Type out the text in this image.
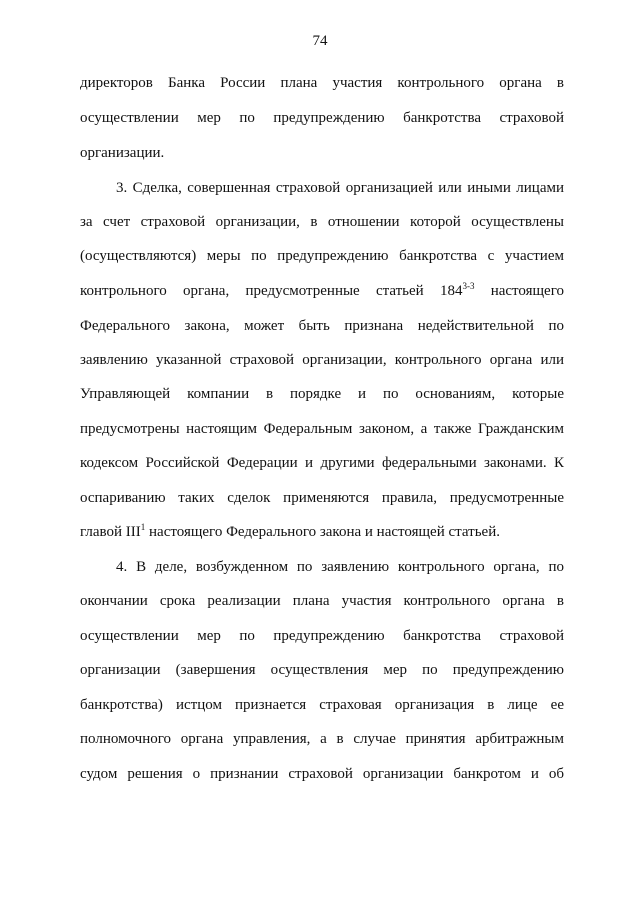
74
директоров Банка России плана участия контрольного органа в
осуществлении мер по предупреждению банкротства страховой
организации.
3. Сделка, совершенная страховой организацией или иными лицами
за счет страховой организации, в отношении которой осуществлены
(осуществляются) меры по предупреждению банкротства с участием
контрольного органа, предусмотренные статьей 184$^{3-3}$ настоящего
Федерального закона, может быть признана недействительной по
заявлению указанной страховой организации, контрольного органа или
Управляющей компании в порядке и по основаниям, которые
предусмотрены настоящим Федеральным законом, а также Гражданским
кодексом Российской Федерации и другими федеральными законами. К
оспариванию таких сделок применяются правила, предусмотренные
главой III$^1$ настоящего Федерального закона и настоящей статьей.
4. В деле, возбужденном по заявлению контрольного органа, по
окончании срока реализации плана участия контрольного органа в
осуществлении мер по предупреждению банкротства страховой
организации (завершения осуществления мер по предупреждению
банкротства) истцом признается страховая организация в лице ее
полномочного органа управления, а в случае принятия арбитражным
судом решения о признании страховой организации банкротом и об
